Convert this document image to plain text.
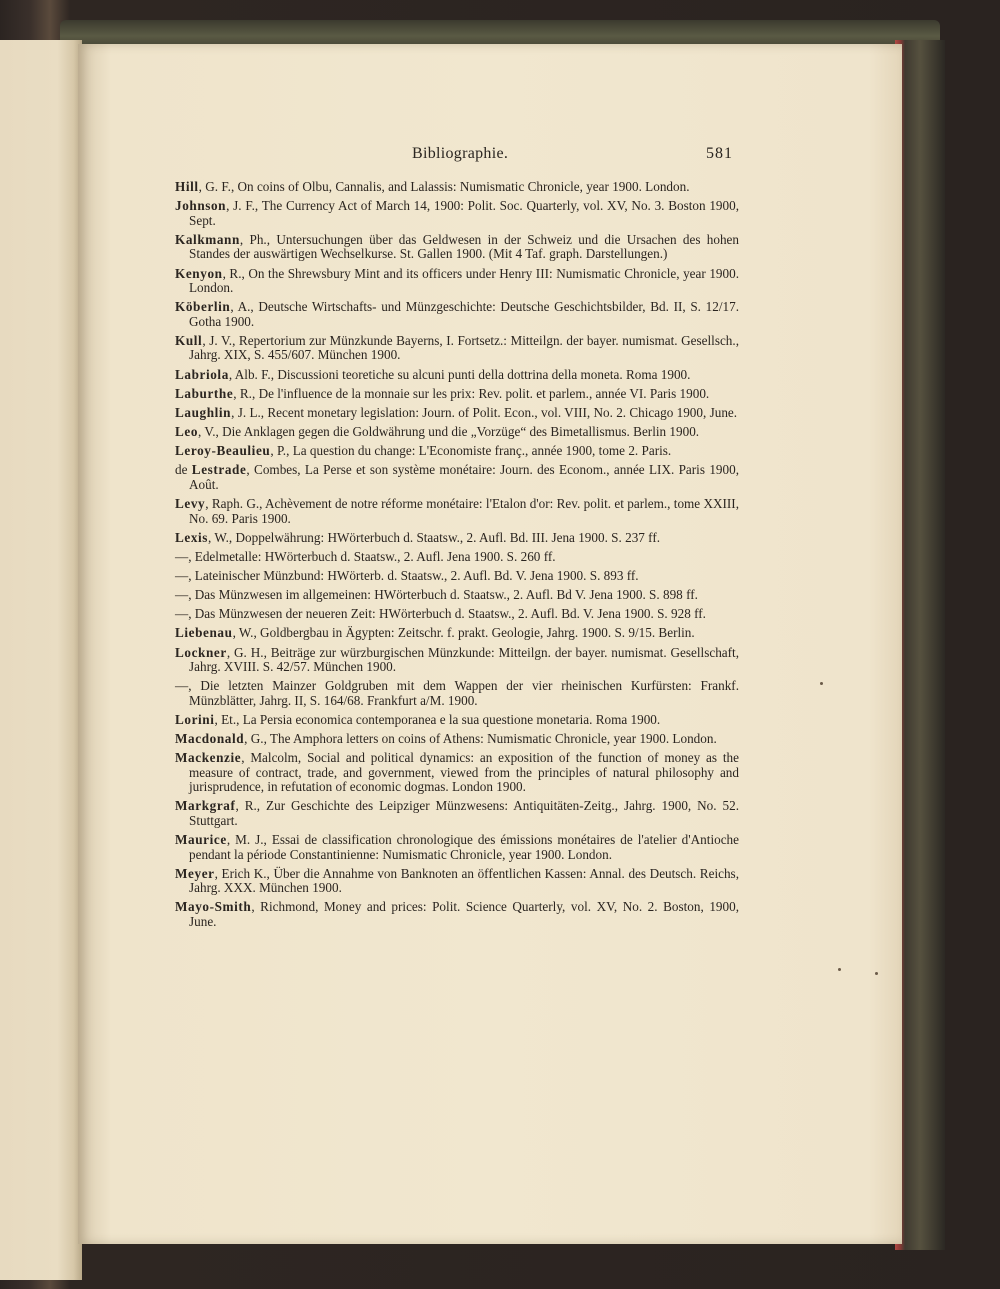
Bibliographie.	581

Hill, G. F., On coins of Olbu, Cannalis, and Lalassis: Numismatic Chronicle, year 1900. London.

Johnson, J. F., The Currency Act of March 14, 1900: Polit. Soc. Quarterly, vol. XV, No. 3. Boston 1900, Sept.

Kalkmann, Ph., Untersuchungen über das Geldwesen in der Schweiz und die Ursachen des hohen Standes der auswärtigen Wechselkurse. St. Gallen 1900. (Mit 4 Taf. graph. Darstellungen.)

Kenyon, R., On the Shrewsbury Mint and its officers under Henry III: Numismatic Chronicle, year 1900. London.

Köberlin, A., Deutsche Wirtschafts- und Münzgeschichte: Deutsche Geschichtsbilder, Bd. II, S. 12/17. Gotha 1900.

Kull, J. V., Repertorium zur Münzkunde Bayerns, I. Fortsetz.: Mitteilgn. der bayer. numismat. Gesellsch., Jahrg. XIX, S. 455/607. München 1900.

Labriola, Alb. F., Discussioni teoretiche su alcuni punti della dottrina della moneta. Roma 1900.

Laburthe, R., De l'influence de la monnaie sur les prix: Rev. polit. et parlem., année VI. Paris 1900.

Laughlin, J. L., Recent monetary legislation: Journ. of Polit. Econ., vol. VIII, No. 2. Chicago 1900, June.

Leo, V., Die Anklagen gegen die Goldwährung und die „Vorzüge“ des Bimetallismus. Berlin 1900.

Leroy-Beaulieu, P., La question du change: L'Economiste franç., année 1900, tome 2. Paris.

de Lestrade, Combes, La Perse et son système monétaire: Journ. des Econom., année LIX. Paris 1900, Août.

Levy, Raph. G., Achèvement de notre réforme monétaire: l'Etalon d'or: Rev. polit. et parlem., tome XXIII, No. 69. Paris 1900.

Lexis, W., Doppelwährung: HWörterbuch d. Staatsw., 2. Aufl. Bd. III. Jena 1900. S. 237 ff.

—, Edelmetalle: HWörterbuch d. Staatsw., 2. Aufl. Jena 1900. S. 260 ff.

—, Lateinischer Münzbund: HWörterb. d. Staatsw., 2. Aufl. Bd. V. Jena 1900. S. 893 ff.

—, Das Münzwesen im allgemeinen: HWörterbuch d. Staatsw., 2. Aufl. Bd V. Jena 1900. S. 898 ff.

—, Das Münzwesen der neueren Zeit: HWörterbuch d. Staatsw., 2. Aufl. Bd. V. Jena 1900. S. 928 ff.

Liebenau, W., Goldbergbau in Ägypten: Zeitschr. f. prakt. Geologie, Jahrg. 1900. S. 9/15. Berlin.

Lockner, G. H., Beiträge zur würzburgischen Münzkunde: Mitteilgn. der bayer. numismat. Gesellschaft, Jahrg. XVIII. S. 42/57. München 1900.

—, Die letzten Mainzer Goldgruben mit dem Wappen der vier rheinischen Kurfürsten: Frankf. Münzblätter, Jahrg. II, S. 164/68. Frankfurt a/M. 1900.

Lorini, Et., La Persia economica contemporanea e la sua questione monetaria. Roma 1900.

Macdonald, G., The Amphora letters on coins of Athens: Numismatic Chronicle, year 1900. London.

Mackenzie, Malcolm, Social and political dynamics: an exposition of the function of money as the measure of contract, trade, and government, viewed from the principles of natural philosophy and jurisprudence, in refutation of economic dogmas. London 1900.

Markgraf, R., Zur Geschichte des Leipziger Münzwesens: Antiquitäten-Zeitg., Jahrg. 1900, No. 52. Stuttgart.

Maurice, M. J., Essai de classification chronologique des émissions monétaires de l'atelier d'Antioche pendant la période Constantinienne: Numismatic Chronicle, year 1900. London.

Meyer, Erich K., Über die Annahme von Banknoten an öffentlichen Kassen: Annal. des Deutsch. Reichs, Jahrg. XXX. München 1900.

Mayo-Smith, Richmond, Money and prices: Polit. Science Quarterly, vol. XV, No. 2. Boston, 1900, June.
